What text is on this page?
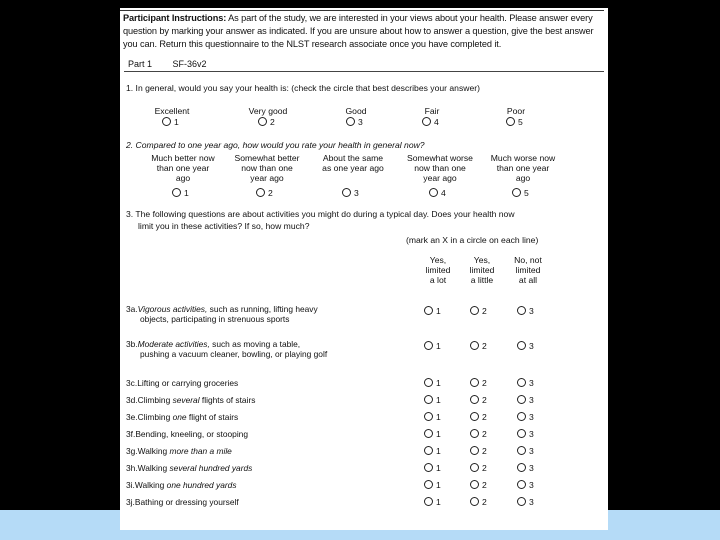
Participant Instructions: As part of the study, we are interested in your views about your health. Please answer every question by marking your answer as indicated. If you are unsure about how to answer a question, give the best answer you can. Return this questionnaire to the NLST research associate once you have completed it.
Part 1 SF-36v2
1. In general, would you say your health is: (check the circle that best describes your answer)
2. Compared to one year ago, how would you rate your health in general now?
3. The following questions are about activities you might do during a typical day. Does your health now
limit you in these activities? If so, how much?
(mark an X in a circle on each line)
Excellent
1
Very good
2
Good
3
Fair
4
Poor
5
Much better now
than one year
ago
1
Somewhat better
now than one
year ago
2
About the same
as one year ago
3
Somewhat worse
now than one
year ago
4
Much worse now
than one year
ago
5
Yes,
limited
a lot
Yes,
limited
a little
No, not
limited
at all
3a.Vigorous activities, such as running, lifting heavy
objects, participating in strenuous sports
1	2	3
3b.Moderate activities, such as moving a table,
pushing a vacuum cleaner, bowling, or playing golf
1	2	3
3c.Lifting or carrying groceries	1	2	3
3d.Climbing several flights of stairs	1	2	3
3e.Climbing one flight of stairs	1	2	3
3f.Bending, kneeling, or stooping	1	2	3
3g.Walking more than a mile	1	2	3
3h.Walking several hundred yards	1	2	3
3i.Walking one hundred yards	1	2	3
3j.Bathing or dressing yourself	1	2	3
